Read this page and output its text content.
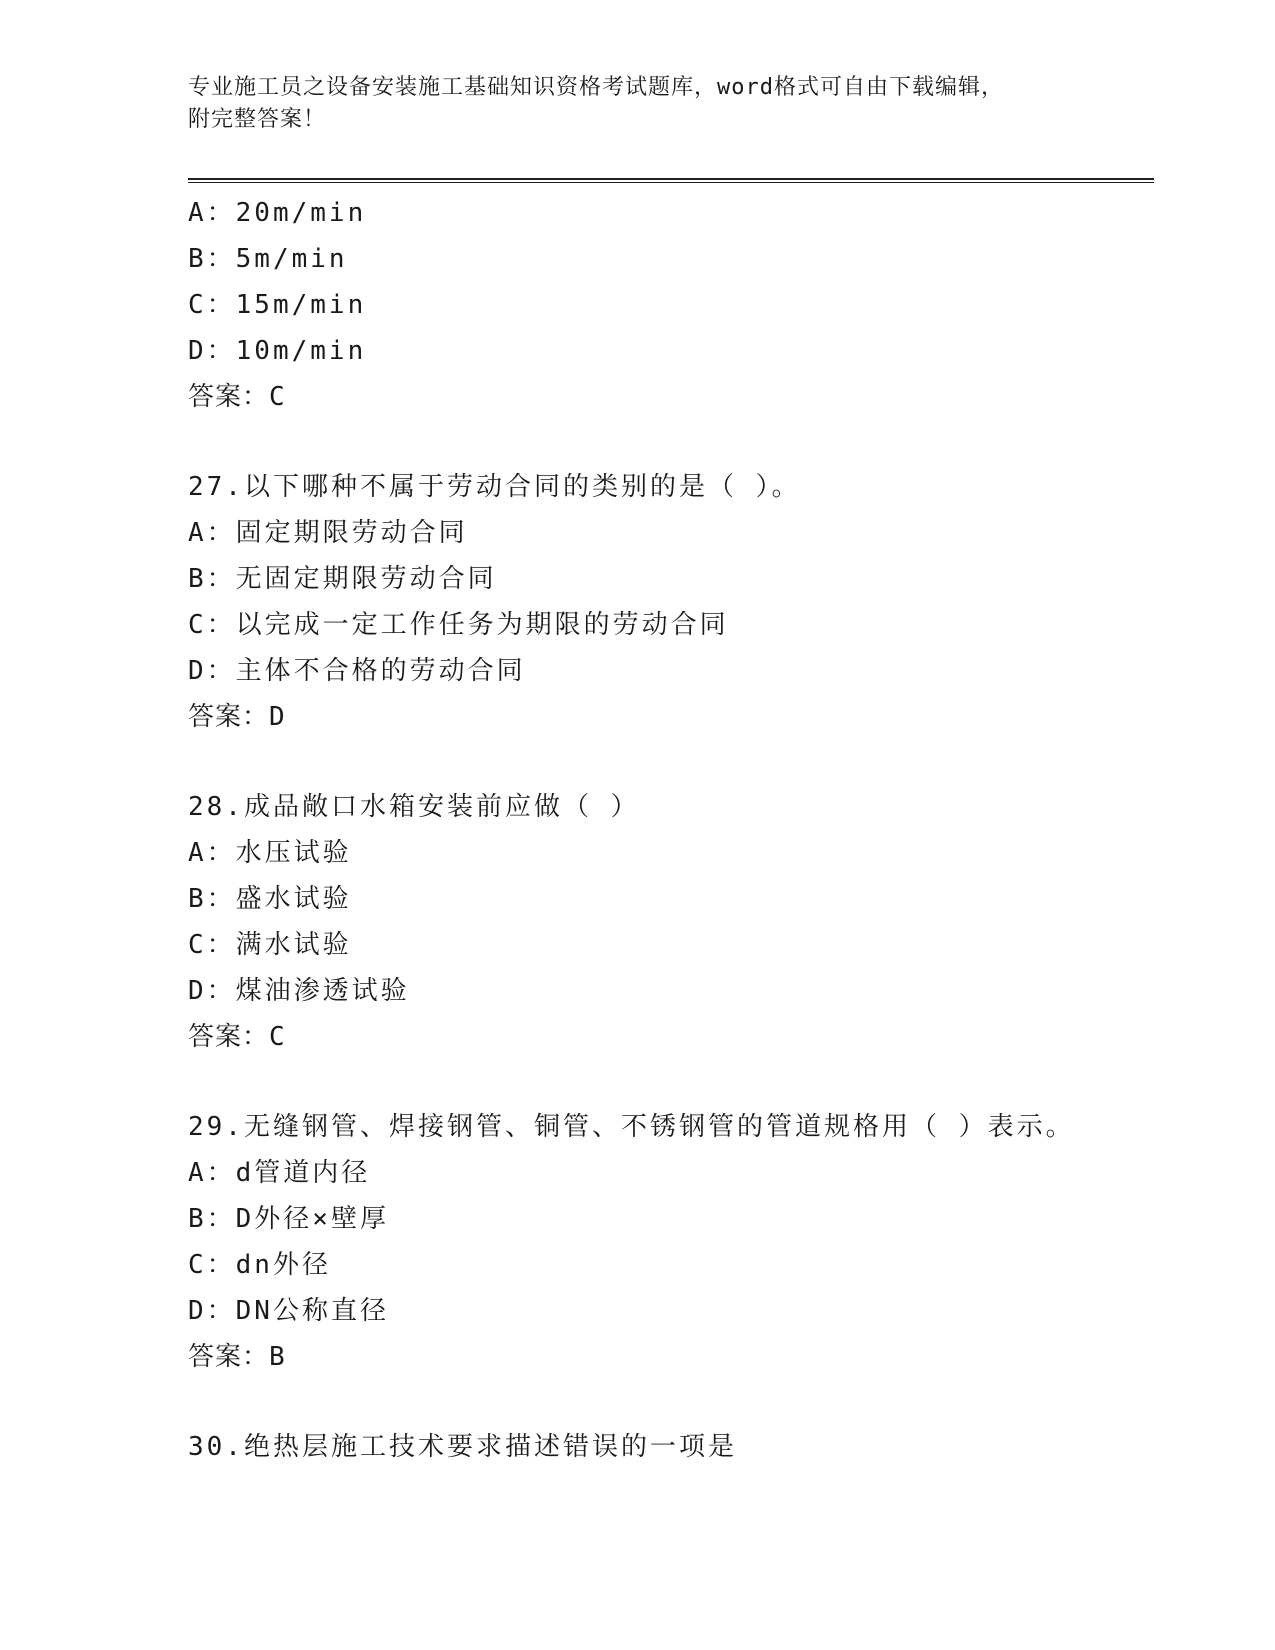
专业施工员之设备安装施工基础知识资格考试题库，word格式可自由下载编辑，
附完整答案！
A：20m/min
B：5m/min
C：15m/min
D：10m/min
答案：C
27.以下哪种不属于劳动合同的类别的是（ ）。
A：固定期限劳动合同
B：无固定期限劳动合同
C：以完成一定工作任务为期限的劳动合同
D：主体不合格的劳动合同
答案：D
28.成品敞口水箱安装前应做（ ）
A：水压试验
B：盛水试验
C：满水试验
D：煤油渗透试验
答案：C
29.无缝钢管、焊接钢管、铜管、不锈钢管的管道规格用（ ）表示。
A：d管道内径
B：D外径×壁厚
C：dn外径
D：DN公称直径
答案：B
30.绝热层施工技术要求描述错误的一项是
